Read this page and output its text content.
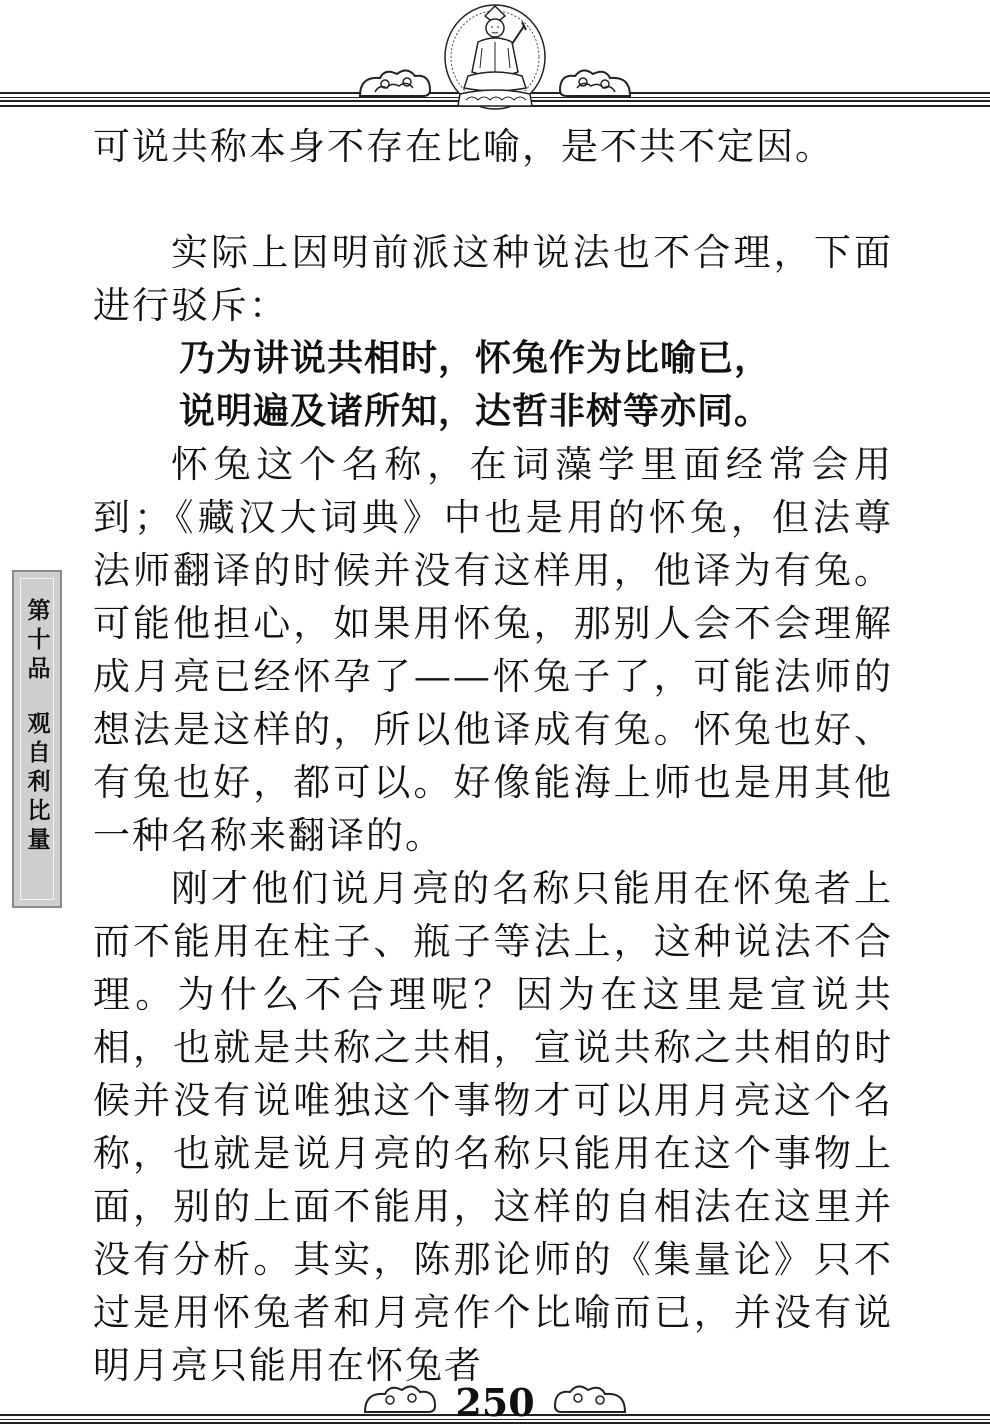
可说共称本身不存在比喻，是不共不定因。

实际上因明前派这种说法也不合理，下面进行驳斥：

乃为讲说共相时，怀兔作为比喻已，
说明遍及诸所知，达哲非树等亦同。

怀兔这个名称，在词藻学里面经常会用到；《藏汉大词典》中也是用的怀兔，但法尊法师翻译的时候并没有这样用，他译为有兔。可能他担心，如果用怀兔，那别人会不会理解成月亮已经怀孕了——怀兔子了，可能法师的想法是这样的，所以他译成有兔。怀兔也好、有兔也好，都可以。好像能海上师也是用其他一种名称来翻译的。

刚才他们说月亮的名称只能用在怀兔者上而不能用在柱子、瓶子等法上，这种说法不合理。为什么不合理呢？因为在这里是宣说共相，也就是共称之共相，宣说共称之共相的时候并没有说唯独这个事物才可以用月亮这个名称，也就是说月亮的名称只能用在这个事物上面，别的上面不能用，这样的自相法在这里并没有分析。其实，陈那论师的《集量论》只不过是用怀兔者和月亮作个比喻而已，并没有说明月亮只能用在怀兔者

第十品
观自利比量
250
